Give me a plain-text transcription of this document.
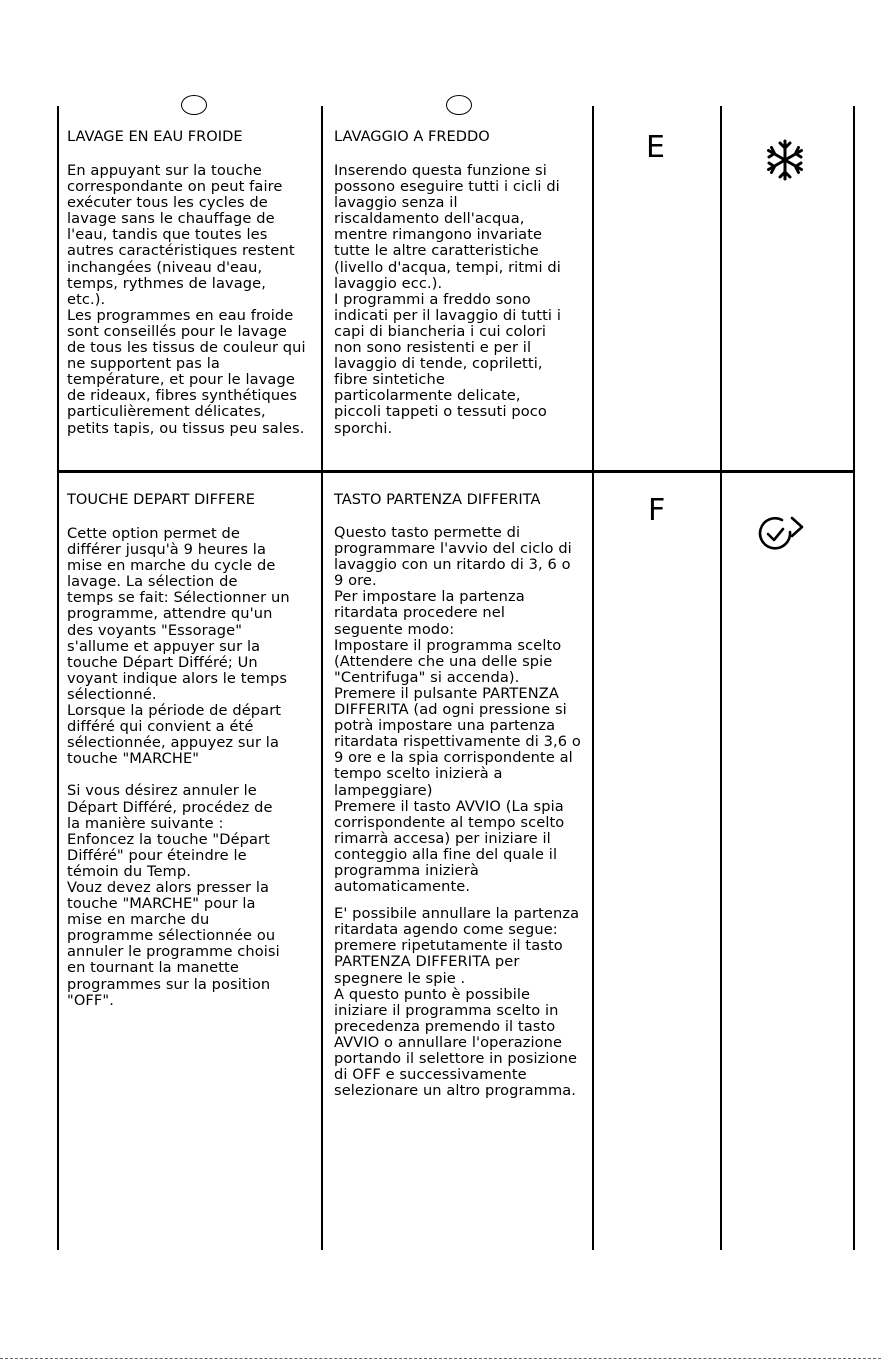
LAVAGE EN EAU FROIDE

En appuyant sur la touche
correspondante on peut faire
exécuter tous les cycles de
lavage sans le chauffage de
l'eau, tandis que toutes les
autres caractéristiques restent
inchangées (niveau d'eau,
temps, rythmes de lavage,
etc.).
Les programmes en eau froide
sont conseillés pour le lavage
de tous les tissus de couleur qui
ne supportent pas la
température, et pour le lavage
de rideaux, fibres synthétiques
particulièrement délicates,
petits tapis, ou tissus peu sales.

LAVAGGIO A FREDDO

Inserendo questa funzione si
possono eseguire tutti i cicli di
lavaggio senza il
riscaldamento dell'acqua,
mentre rimangono invariate
tutte le altre caratteristiche
(livello d'acqua, tempi, ritmi di
lavaggio ecc.).
I programmi a freddo sono
indicati per il lavaggio di tutti i
capi di biancheria i cui colori
non sono resistenti e per il
lavaggio di tende, copriletti,
fibre sintetiche
particolarmente delicate,
piccoli tappeti o tessuti poco
sporchi.

E
TOUCHE DEPART DIFFERE

Cette option permet de
différer jusqu'à 9 heures la
mise en marche du cycle de
lavage. La sélection de
temps se fait: Sélectionner un
programme, attendre qu'un
des voyants "Essorage"
s'allume et appuyer sur la
touche Départ Différé; Un
voyant indique alors le temps
sélectionné.
Lorsque la période de départ
différé qui convient a été
sélectionnée, appuyez sur la
touche "MARCHE"

Si vous désirez annuler le
Départ Différé, procédez de
la manière suivante :
Enfoncez la touche "Départ
Différé" pour éteindre le
témoin du Temp.
Vouz devez alors presser la
touche "MARCHE" pour la
mise en marche du
programme sélectionnée ou
annuler le programme choisi
en tournant la manette
programmes sur la position
"OFF".

TASTO PARTENZA DIFFERITA

Questo tasto permette di
programmare l'avvio del ciclo di
lavaggio con un ritardo di 3, 6 o
9 ore.
Per impostare la partenza
ritardata procedere nel
seguente modo:
Impostare il programma scelto
(Attendere che una delle spie
"Centrifuga" si accenda).
Premere il pulsante PARTENZA
DIFFERITA (ad ogni pressione si
potrà impostare una partenza
ritardata rispettivamente di 3,6 o
9 ore e la spia corrispondente al
tempo scelto inizierà a
lampeggiare)
Premere il tasto AVVIO (La spia
corrispondente al tempo scelto
rimarrà accesa) per iniziare il
conteggio alla fine del quale il
programma inizierà
automaticamente.

E' possibile annullare la partenza
ritardata agendo come segue:
premere ripetutamente il tasto
PARTENZA DIFFERITA per
spegnere le spie .
A questo punto è possibile
iniziare il programma scelto in
precedenza premendo il tasto
AVVIO o annullare l'operazione
portando il selettore in posizione
di OFF e successivamente
selezionare un altro programma.

F
